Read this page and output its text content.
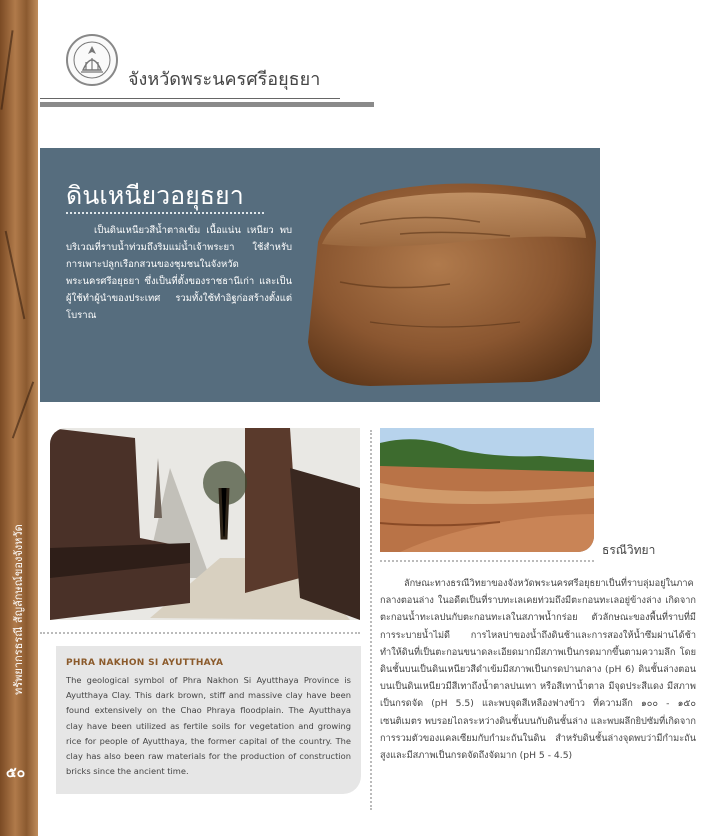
ทรัพยากรธรณี สัญลักษณ์ของจังหวัด
๕๐
จังหวัดพระนครศรีอยุธยา
ดินเหนียวอยุธยา
เป็นดินเหนียวสีน้ำตาลเข้ม เนื้อแน่น เหนียว พบบริเวณที่ราบน้ำท่วมถึงริมแม่น้ำเจ้าพระยา ใช้สำหรับการเพาะปลูกเรือกสวนของชุมชนในจังหวัดพระนครศรีอยุธยา ซึ่งเป็นที่ตั้งของราชธานีเก่า และเป็นผู้ใช้ทำผู้นำของประเทศ รวมทั้งใช้ทำอิฐก่อสร้างตั้งแต่โบราณ
PHRA NAKHON SI AYUTTHAYA
The geological symbol of Phra Nakhon Si Ayutthaya Province is Ayutthaya Clay. This dark brown, stiff and massive clay have been found extensively on the Chao Phraya floodplain. The Ayutthaya clay have been utilized as fertile soils for vegetation and growing rice for people of Ayutthaya, the former capital of the country. The clay has also been raw materials for the production of construction bricks since the ancient time.
ธรณีวิทยา
ลักษณะทางธรณีวิทยาของจังหวัดพระนครศรีอยุธยาเป็นที่ราบลุ่มอยู่ในภาคกลางตอนล่าง ในอดีตเป็นที่ราบทะเลเคยท่วมถึงมีตะกอนทะเลอยู่ข้างล่าง เกิดจากตะกอนน้ำทะเลปนกับตะกอนทะเลในสภาพน้ำกร่อย ตัวลักษณะของพื้นที่ราบที่มีการระบายน้ำไม่ดี การไหลบ่าของน้ำถึงดินช้าและการสองให้น้ำซึมผ่านได้ช้า ทำให้ดินที่เป็นตะกอนขนาดละเอียดมากมีสภาพเป็นกรดมากขึ้นตามความลึก โดยดินชั้นบนเป็นดินเหนียวสีดำเข้มมีสภาพเป็นกรดปานกลาง (pH 6) ดินชั้นล่างตอนบนเป็นดินเหนียวมีสีเทาถึงน้ำตาลปนเทา หรือสีเทาน้ำตาล มีจุดประสีแดง มีสภาพเป็นกรดจัด (pH 5.5) และพบจุดสีเหลืองฟางข้าว ที่ความลึก ๑๐๐ - ๑๕๐ เซนติเมตร พบรอยไถลระหว่างดินชั้นบนกับดินชั้นล่าง และพบผลึกยิปซัมที่เกิดจากการรวมตัวของแคลเซียมกับกำมะถันในดิน สำหรับดินชั้นล่างจุดพบว่ามีกำมะถันสูงและมีสภาพเป็นกรดจัดถึงจัดมาก (pH 5 - 4.5)
